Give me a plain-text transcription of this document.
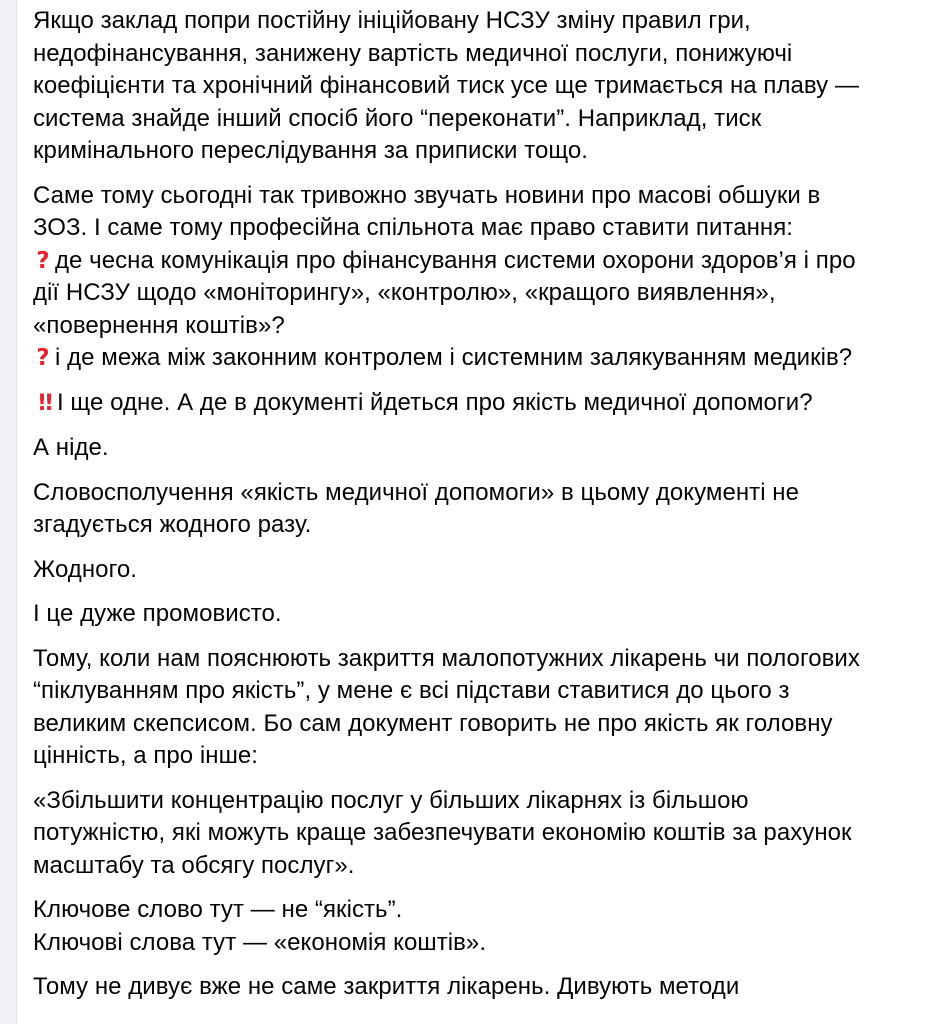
Якщо заклад попри постійну ініційовану НСЗУ зміну правил гри,
недофінансування, занижену вартість медичної послуги, понижуючі
коефіцієнти та хронічний фінансовий тиск усе ще тримається на плаву —
система знайде інший спосіб його “переконати”. Наприклад, тиск
кримінального переслідування за приписки тощо.

Саме тому сьогодні так тривожно звучать новини про масові обшуки в
ЗОЗ. І саме тому професійна спільнота має право ставити питання:
? де чесна комунікація про фінансування системи охорони здоров’я і про
дії НСЗУ щодо «моніторингу», «контролю», «кращого виявлення»,
«повернення коштів»?
? і де межа між законним контролем і системним залякуванням медиків?

!! І ще одне. А де в документі йдеться про якість медичної допомоги?

А ніде.

Словосполучення «якість медичної допомоги» в цьому документі не
згадується жодного разу.

Жодного.

І це дуже промовисто.

Тому, коли нам пояснюють закриття малопотужних лікарень чи пологових
“піклуванням про якість”, у мене є всі підстави ставитися до цього з
великим скепсисом. Бо сам документ говорить не про якість як головну
цінність, а про інше:

«Збільшити концентрацію послуг у більших лікарнях із більшою
потужністю, які можуть краще забезпечувати економію коштів за рахунок
масштабу та обсягу послуг».

Ключове слово тут — не “якість”.
Ключові слова тут — «економія коштів».

Тому не дивує вже не саме закриття лікарень. Дивують методи
